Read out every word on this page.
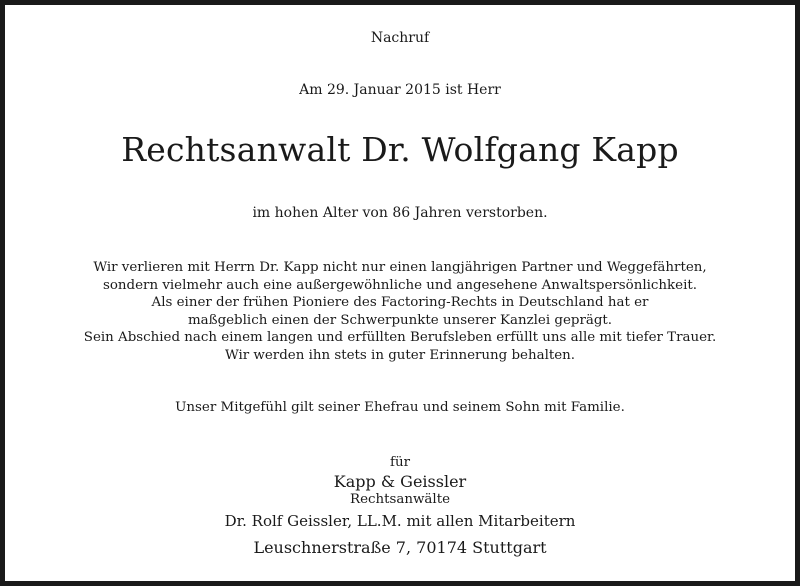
Nachruf
Am 29. Januar 2015 ist Herr
Rechtsanwalt Dr. Wolfgang Kapp
im hohen Alter von 86 Jahren verstorben.
Wir verlieren mit Herrn Dr. Kapp nicht nur einen langjährigen Partner und Weggefährten,
sondern vielmehr auch eine außergewöhnliche und angesehene Anwaltspersönlichkeit.
Als einer der frühen Pioniere des Factoring-Rechts in Deutschland hat er
maßgeblich einen der Schwerpunkte unserer Kanzlei geprägt.
Sein Abschied nach einem langen und erfüllten Berufsleben erfüllt uns alle mit tiefer Trauer.
Wir werden ihn stets in guter Erinnerung behalten.
Unser Mitgefühl gilt seiner Ehefrau und seinem Sohn mit Familie.
für
Kapp & Geissler
Rechtsanwälte
Dr. Rolf Geissler, LL.M. mit allen Mitarbeitern
Leuschnerstraße 7, 70174 Stuttgart
